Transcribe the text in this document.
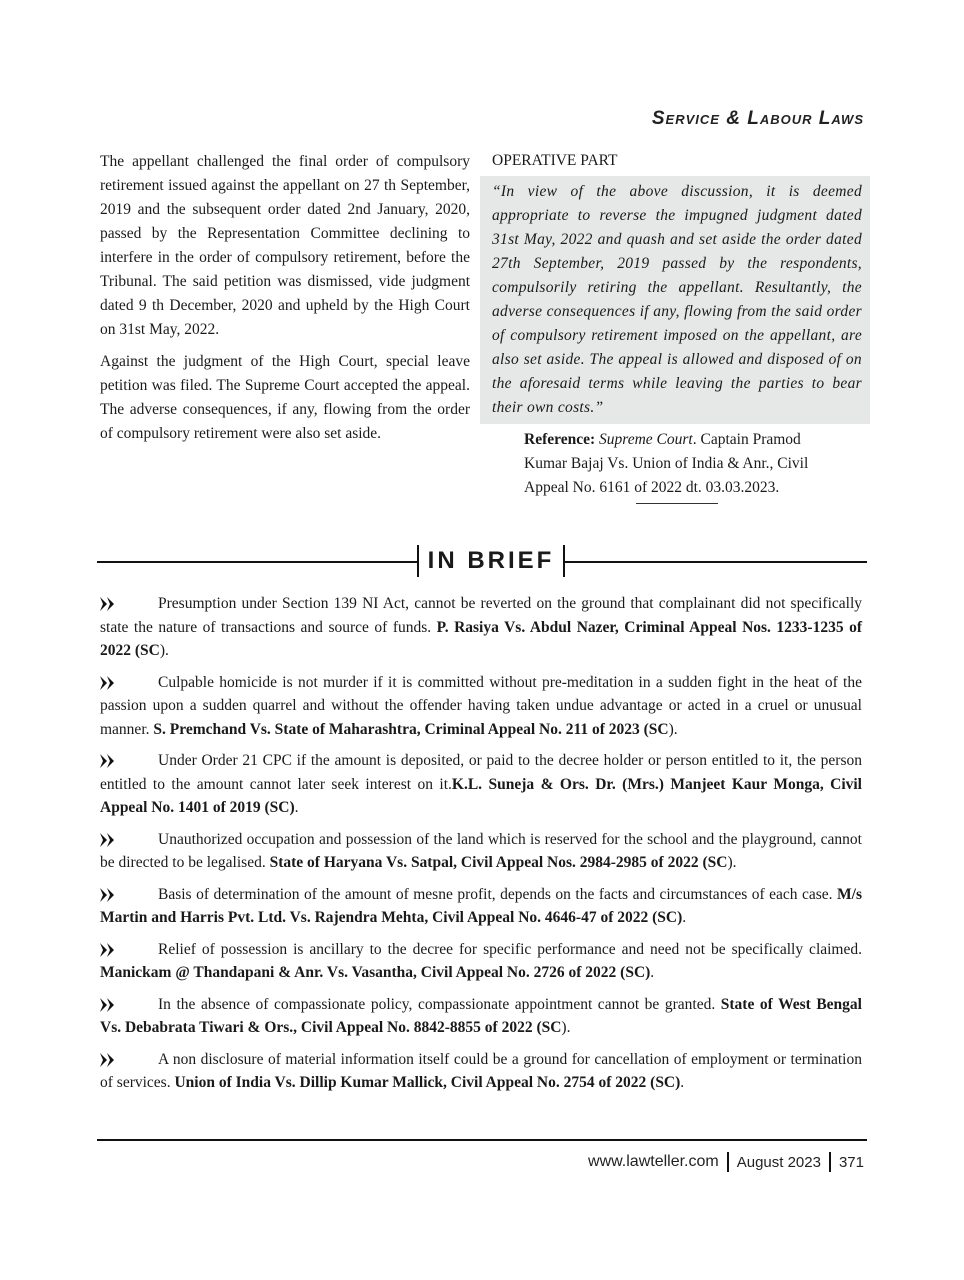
Service & Labour Laws

The appellant challenged the final order of compulsory retirement issued against the appellant on 27 th September, 2019 and the subsequent order dated 2nd January, 2020, passed by the Representation Committee declining to interfere in the order of compulsory retirement, before the Tribunal. The said petition was dismissed, vide judgment dated 9 th December, 2020 and upheld by the High Court on 31st May, 2022.

Against the judgment of the High Court, special leave petition was filed. The Supreme Court accepted the appeal. The adverse consequences, if any, flowing from the order of compulsory retirement were also set aside.

OPERATIVE PART
“In view of the above discussion, it is deemed appropriate to reverse the impugned judgment dated 31st May, 2022 and quash and set aside the order dated 27th September, 2019 passed by the respondents, compulsorily retiring the appellant. Resultantly, the adverse consequences if any, flowing from the said order of compulsory retirement imposed on the appellant, are also set aside. The appeal is allowed and disposed of on the aforesaid terms while leaving the parties to bear their own costs.”
Reference: Supreme Court. Captain Pramod Kumar Bajaj Vs. Union of India & Anr., Civil Appeal No. 6161 of 2022 dt. 03.03.2023.
IN BRIEF
Presumption under Section 139 NI Act, cannot be reverted on the ground that complainant did not specifically state the nature of transactions and source of funds. P. Rasiya Vs. Abdul Nazer, Criminal Appeal Nos. 1233-1235 of 2022 (SC).
Culpable homicide is not murder if it is committed without pre-meditation in a sudden fight in the heat of the passion upon a sudden quarrel and without the offender having taken undue advantage or acted in a cruel or unusual manner. S. Premchand Vs. State of Maharashtra, Criminal Appeal No. 211 of 2023 (SC).
Under Order 21 CPC if the amount is deposited, or paid to the decree holder or person entitled to it, the person entitled to the amount cannot later seek interest on it.K.L. Suneja & Ors. Dr. (Mrs.) Manjeet Kaur Monga, Civil Appeal No. 1401 of 2019 (SC).
Unauthorized occupation and possession of the land which is reserved for the school and the playground, cannot be directed to be legalised. State of Haryana Vs. Satpal, Civil Appeal Nos. 2984-2985 of 2022 (SC).
Basis of determination of the amount of mesne profit, depends on the facts and circumstances of each case. M/s Martin and Harris Pvt. Ltd. Vs. Rajendra Mehta, Civil Appeal No. 4646-47 of 2022 (SC).
Relief of possession is ancillary to the decree for specific performance and need not be specifically claimed. Manickam @ Thandapani & Anr. Vs. Vasantha, Civil Appeal No. 2726 of 2022 (SC).
In the absence of compassionate policy, compassionate appointment cannot be granted. State of West Bengal Vs. Debabrata Tiwari & Ors., Civil Appeal No. 8842-8855 of 2022 (SC).
A non disclosure of material information itself could be a ground for cancellation of employment or termination of services. Union of India Vs. Dillip Kumar Mallick, Civil Appeal No. 2754 of 2022 (SC).
www.lawteller.com August 2023 371
